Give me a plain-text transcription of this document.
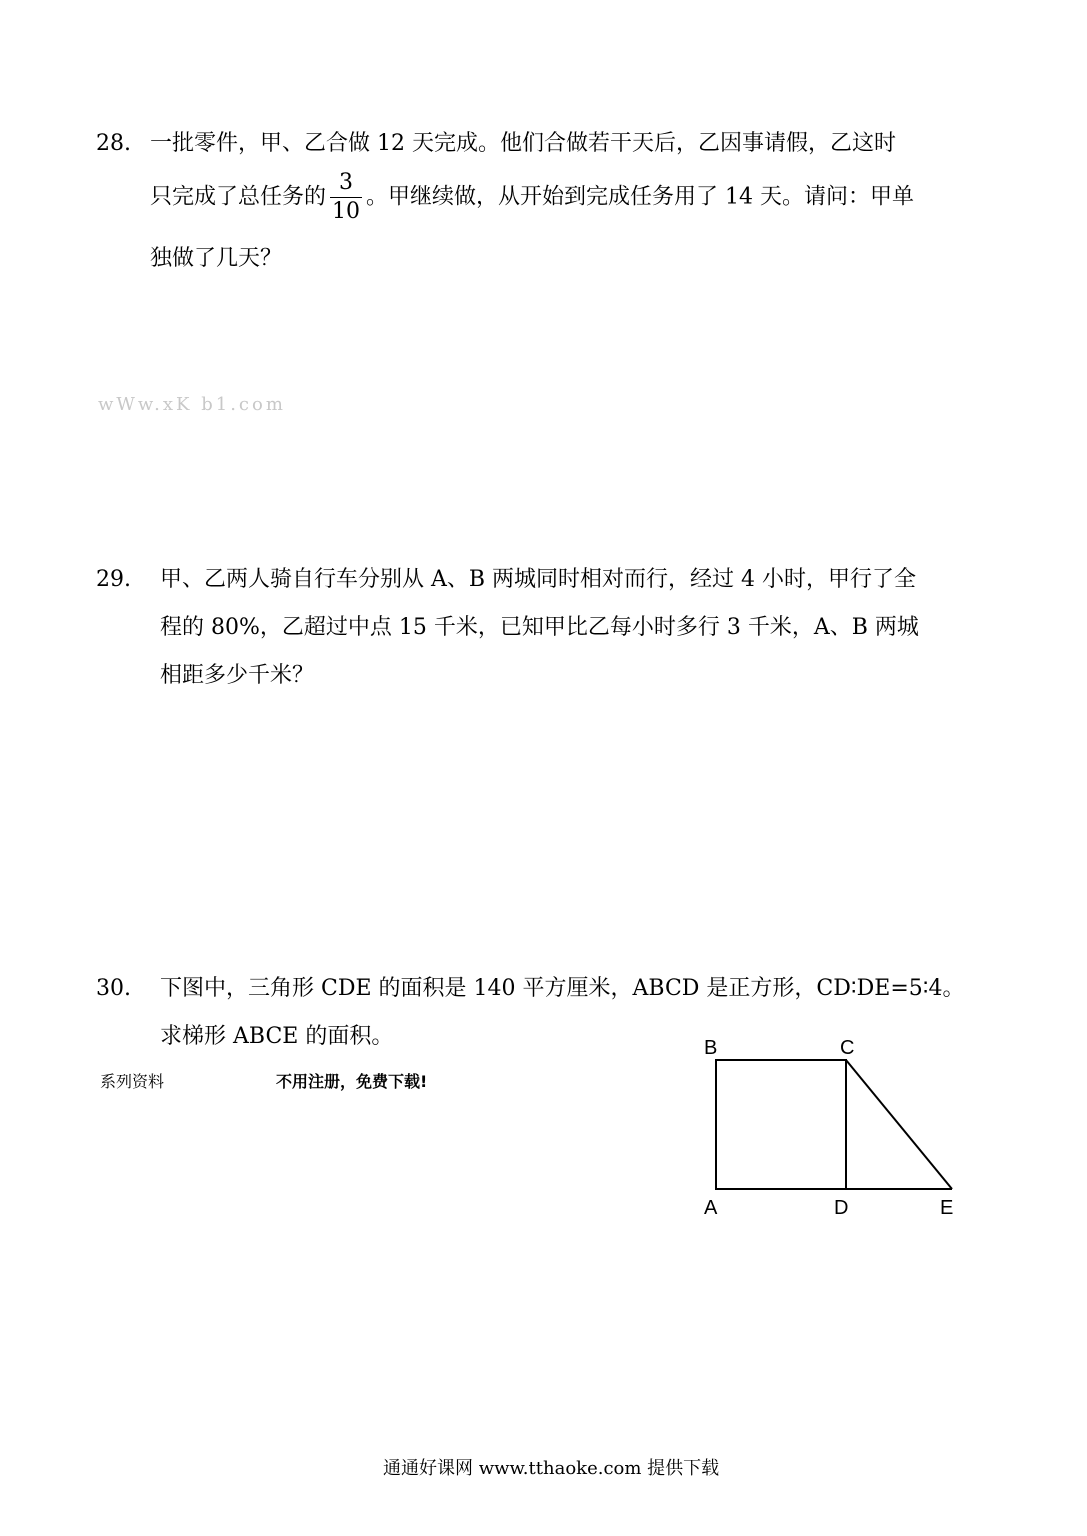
28. 一批零件，甲、乙合做 12 天完成。他们合做若干天后，乙因事请假，乙这时
只完成了总任务的 $\frac{3}{10}$ 。甲继续做，从开始到完成任务用了 14 天。请问：甲单
独做了几天？
wWw.xK b1.com
29. 甲、乙两人骑自行车分别从 A、B 两城同时相对而行，经过 4 小时，甲行了全
程的 80%，乙超过中点 15 千米，已知甲比乙每小时多行 3 千米，A、B 两城
相距多少千米？
30. 下图中，三角形 CDE 的面积是 140 平方厘米，ABCD 是正方形，CD∶DE=5∶4。
求梯形 ABCE 的面积。
系列资料	不用注册，免费下载!
B	C
A	D	E
通通好课网 www.tthaoke.com 提供下载
